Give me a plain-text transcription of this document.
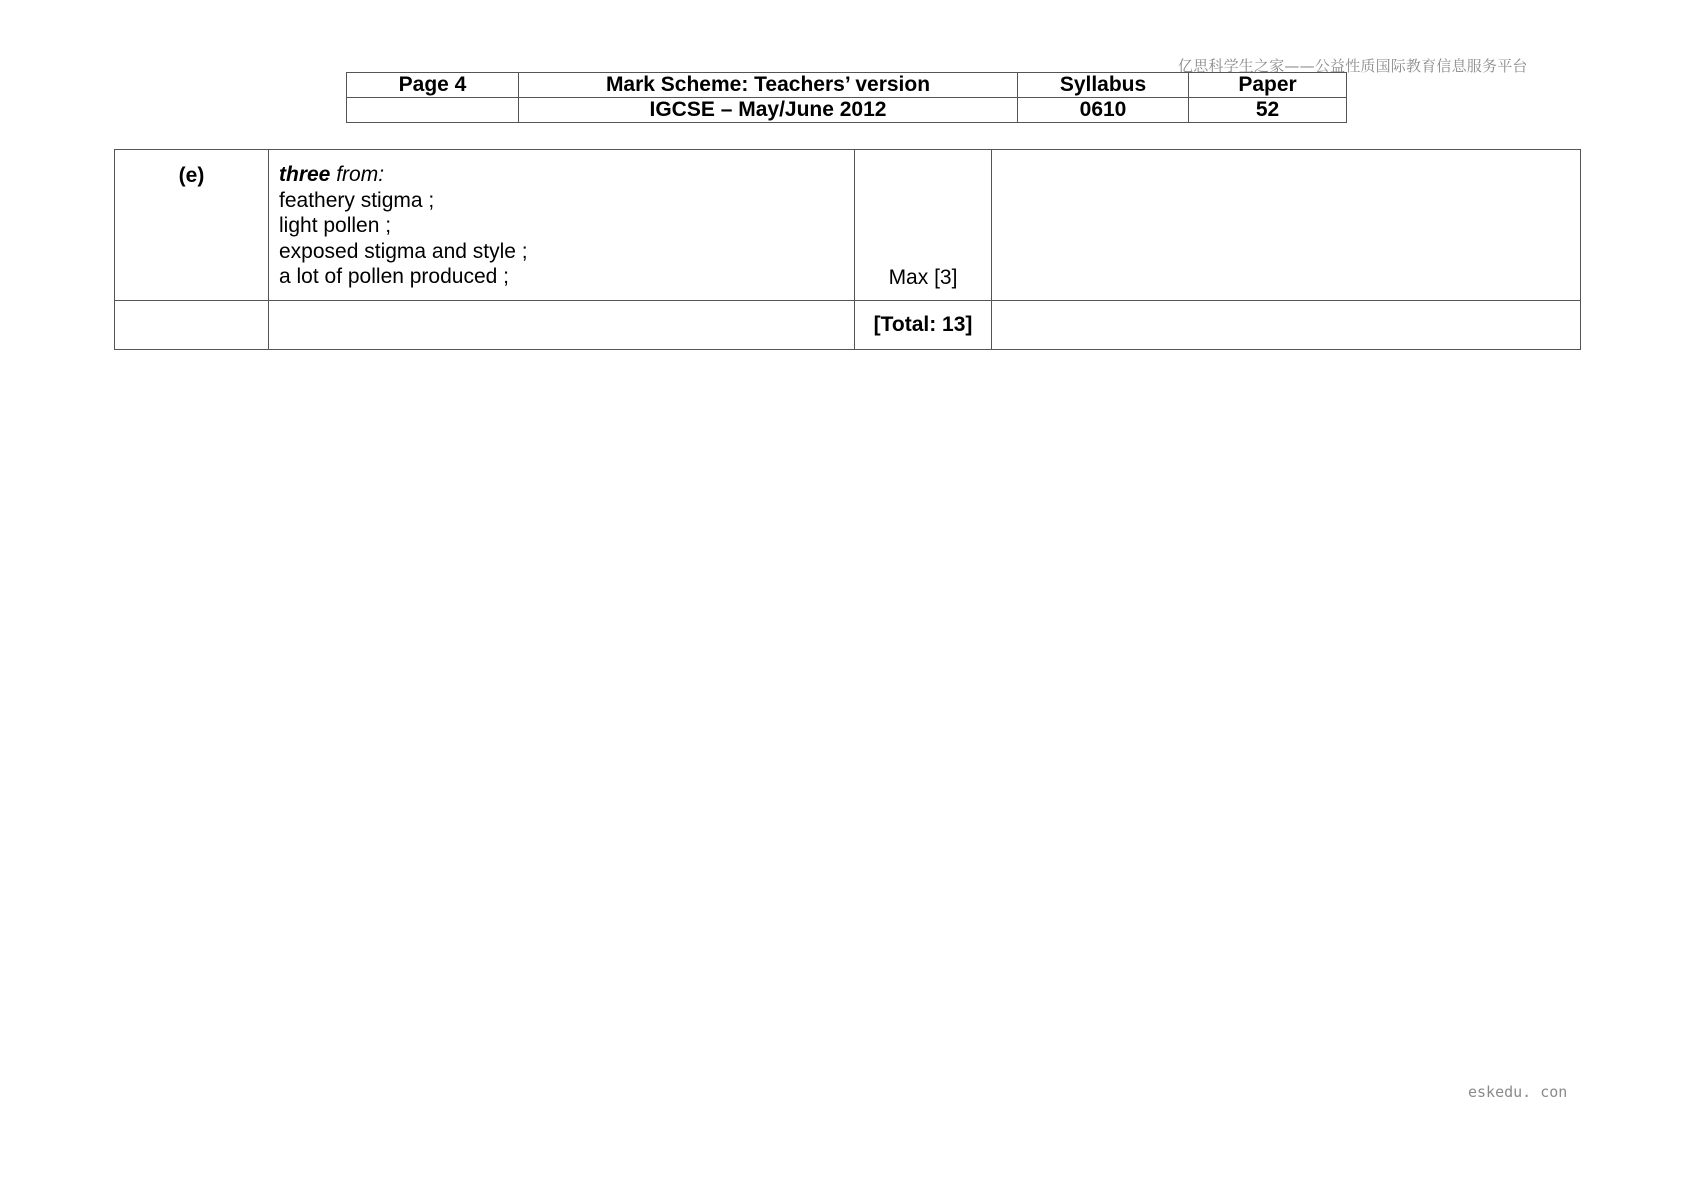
亿思科学生之家——公益性质国际教育信息服务平台
Page 4	Mark Scheme: Teachers’ version	Syllabus	Paper
	IGCSE – May/June 2012	0610	52
(e)	three from:
feathery stigma ;
light pollen ;
exposed stigma and style ;
a lot of pollen produced ;	Max [3]	
		[Total: 13]	
eskedu. con
